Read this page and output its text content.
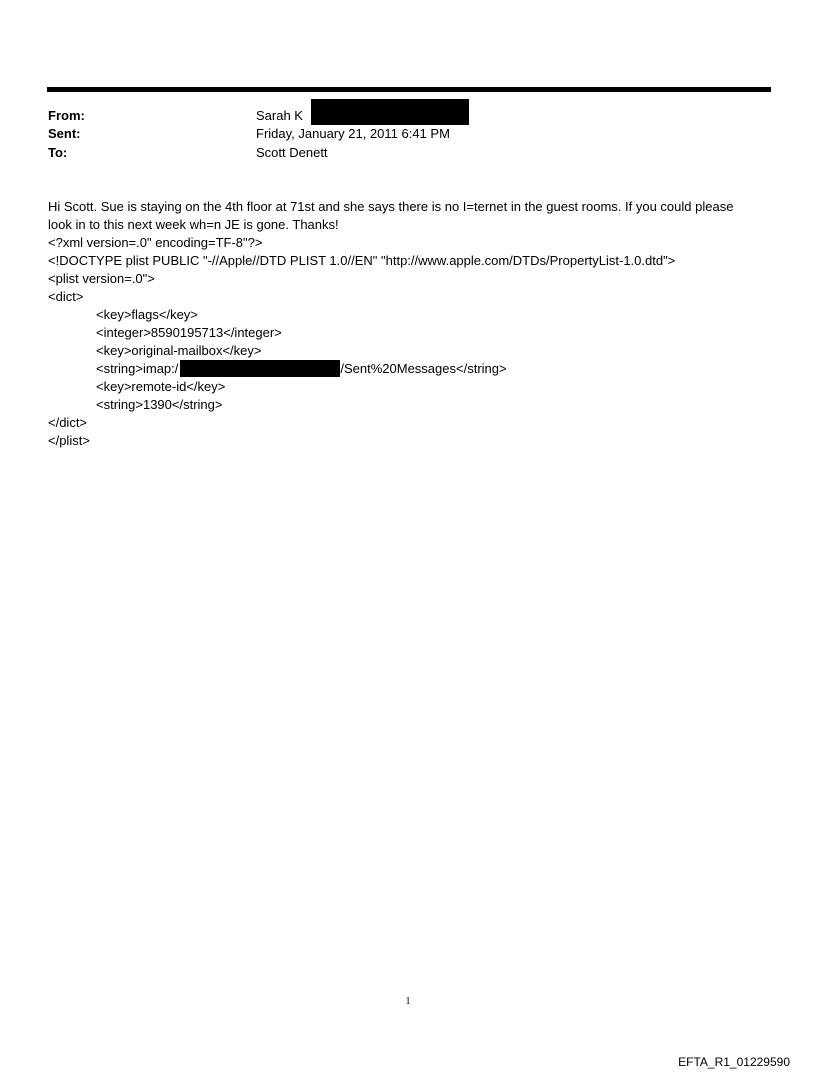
From:	Sarah K
Sent:	Friday, January 21, 2011 6:41 PM
To:	Scott Denett
Hi Scott. Sue is staying on the 4th floor at 71st and she says there is no I=ternet in the guest rooms. If you could please
look in to this next week wh=n JE is gone. Thanks!
<?xml version=.0" encoding=TF-8"?>
<!DOCTYPE plist PUBLIC "-//Apple//DTD PLIST 1.0//EN" "http://www.apple.com/DTDs/PropertyList-1.0.dtd">
<plist version=.0">
<dict>
<key>flags</key>
<integer>8590195713</integer>
<key>original-mailbox</key>
<string>imap:/	/Sent%20Messages</string>
<key>remote-id</key>
<string>1390</string>
</dict>
</plist>
1
EFTA_R1_01229590
